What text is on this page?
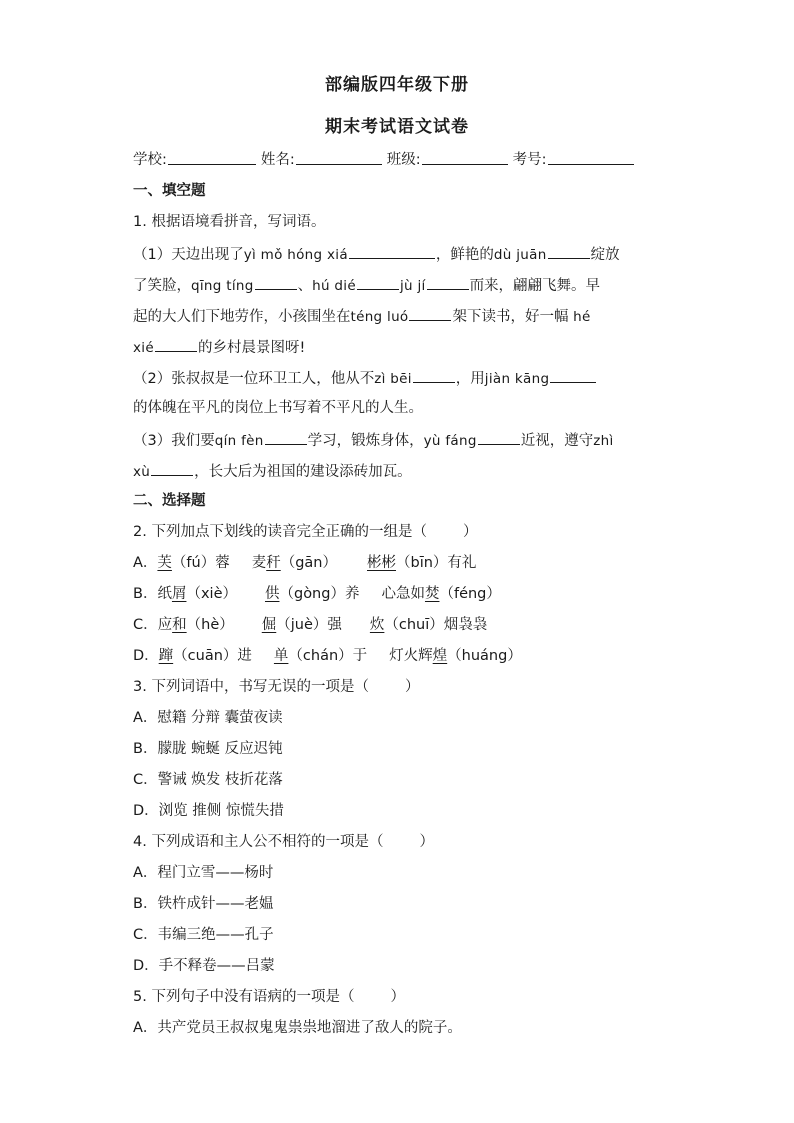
部编版四年级下册
期末考试语文试卷
学校:	姓名:	班级:	考号:
一、填空题
1. 根据语境看拼音，写词语。
（1）天边出现了yì mǒ hóng xiá	，鲜艳的dù juān	绽放
了笑脸，qīng tíng	、hú dié	jù jí	而来，翩翩飞舞。早
起的大人们下地劳作，小孩围坐在téng luó	架下读书，好一幅 hé
xié	的乡村晨景图呀!
（2）张叔叔是一位环卫工人，他从不zì bēi	，用jiàn kāng
的体魄在平凡的岗位上书写着不平凡的人生。
（3）我们要qín fèn	学习，锻炼身体，yù fáng	近视，遵守zhì
xù	，长大后为祖国的建设添砖加瓦。
二、选择题
2. 下列加点下划线的读音完全正确的一组是（ ）
A．芙（fú）蓉 麦秆（gān） 彬彬（bīn）有礼
B．纸屑（xiè） 供（gòng）养 心急如焚（féng）
C．应和（hè） 倔（juè）强 炊（chuī）烟袅袅
D．蹿（cuān）进 单（chán）于 灯火辉煌（huáng）
3. 下列词语中，书写无误的一项是（ ）
A．慰籍 分辩 囊萤夜读
B．朦胧 蜿蜒 反应迟钝
C．警诫 焕发 枝折花落
D．浏览 推侧 惊慌失措
4. 下列成语和主人公不相符的一项是（ ）
A．程门立雪——杨时
B．铁杵成针——老媪
C．韦编三绝——孔子
D．手不释卷——吕蒙
5. 下列句子中没有语病的一项是（ ）
A．共产党员王叔叔鬼鬼祟祟地溜进了敌人的院子。
